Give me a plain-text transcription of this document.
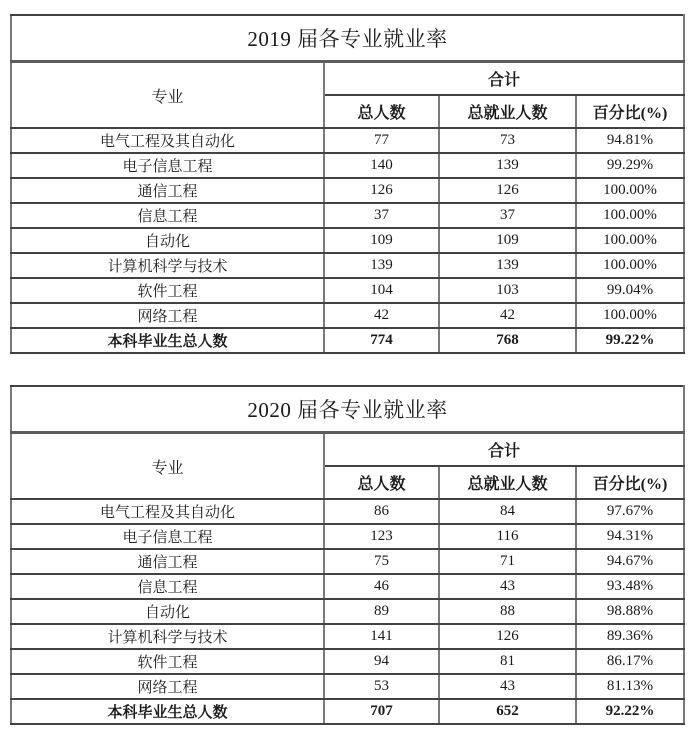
2019 届各专业就业率			
专业	合计		
	总人数	总就业人数	百分比(%)
电气工程及其自动化	77	73	94.81%
电子信息工程	140	139	99.29%
通信工程	126	126	100.00%
信息工程	37	37	100.00%
自动化	109	109	100.00%
计算机科学与技术	139	139	100.00%
软件工程	104	103	99.04%
网络工程	42	42	100.00%
本科毕业生总人数	774	768	99.22%
2020 届各专业就业率			
专业	合计		
	总人数	总就业人数	百分比(%)
电气工程及其自动化	86	84	97.67%
电子信息工程	123	116	94.31%
通信工程	75	71	94.67%
信息工程	46	43	93.48%
自动化	89	88	98.88%
计算机科学与技术	141	126	89.36%
软件工程	94	81	86.17%
网络工程	53	43	81.13%
本科毕业生总人数	707	652	92.22%
